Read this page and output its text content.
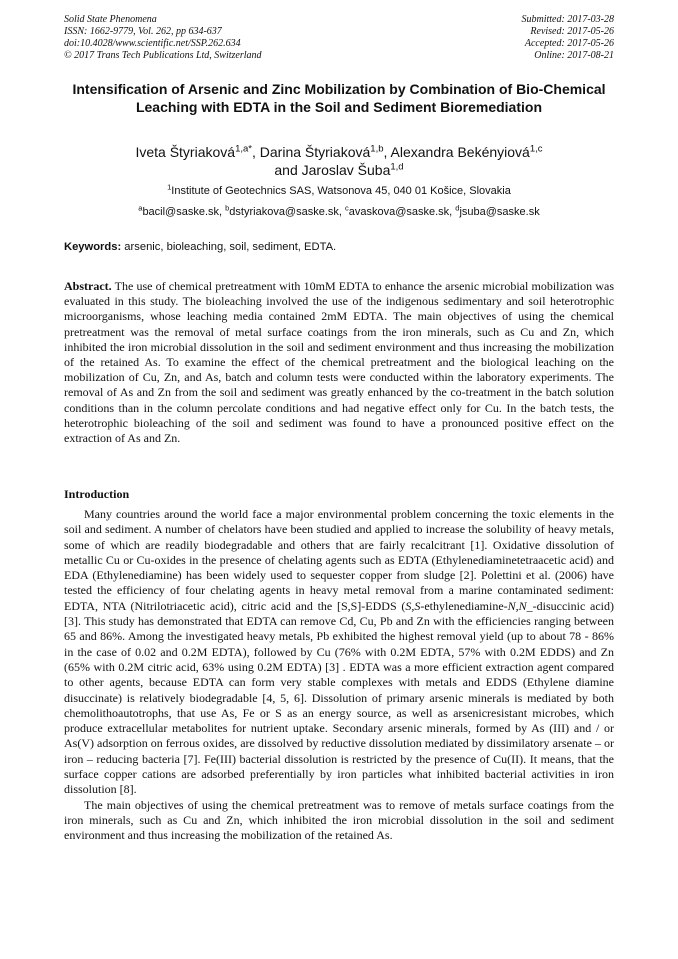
Solid State Phenomena
ISSN: 1662-9779, Vol. 262, pp 634-637
doi:10.4028/www.scientific.net/SSP.262.634
© 2017 Trans Tech Publications Ltd, Switzerland
Submitted: 2017-03-28
Revised: 2017-05-26
Accepted: 2017-05-26
Online: 2017-08-21
Intensification of Arsenic and Zinc Mobilization by Combination of Bio-Chemical Leaching with EDTA in the Soil and Sediment Bioremediation
Iveta Štyriaková$^{1,a*}$, Darina Štyriaková$^{1,b}$, Alexandra Bekényiová$^{1,c}$
and Jaroslav Šuba$^{1,d}$
$^1$Institute of Geotechnics SAS, Watsonova 45, 040 01 Košice, Slovakia
$^a$bacil@saske.sk, $^b$dstyriakova@saske.sk, $^c$avaskova@saske.sk, $^d$jsuba@saske.sk
Keywords: arsenic, bioleaching, soil, sediment, EDTA.

Abstract. The use of chemical pretreatment with 10mM EDTA to enhance the arsenic microbial mobilization was evaluated in this study. The bioleaching involved the use of the indigenous sedimentary and soil heterotrophic microorganisms, whose leaching media contained 2mM EDTA. The main objectives of using the chemical pretreatment was the removal of metal surface coatings from the iron minerals, such as Cu and Zn, which inhibited the iron microbial dissolution in the soil and sediment environment and thus increasing the mobilization of the retained As. To examine the effect of the chemical pretreatment and the biological leaching on the mobilization of Cu, Zn, and As, batch and column tests were conducted within the laboratory experiments. The removal of As and Zn from the soil and sediment was greatly enhanced by the co-treatment in the batch solution conditions than in the column percolate conditions and had negative effect only for Cu. In the batch tests, the heterotrophic bioleaching of the soil and sediment was found to have a pronounced positive effect on the extraction of As and Zn.

Introduction

Many countries around the world face a major environmental problem concerning the toxic elements in the soil and sediment. A number of chelators have been studied and applied to increase the solubility of heavy metals, some of which are readily biodegradable and others that are fairly recalcitrant [1]. Oxidative dissolution of metallic Cu or Cu-oxides in the presence of chelating agents such as EDTA (Ethylenediaminetetraacetic acid) and EDA (Ethylenediamine) has been widely used to sequester copper from sludge [2]. Polettini et al. (2006) have tested the efficiency of four chelating agents in heavy metal removal from a marine contaminated sediment: EDTA, NTA (Nitrilotriacetic acid), citric acid and the [S,S]-EDDS (S,S-ethylenediamine-N,N_-disuccinic acid) [3]. This study has demonstrated that EDTA can remove Cd, Cu, Pb and Zn with the efficiencies ranging between 65 and 86%. Among the investigated heavy metals, Pb exhibited the highest removal yield (up to about 78 - 86% in the case of 0.02 and 0.2M EDTA), followed by Cu (76% with 0.2M EDTA, 57% with 0.2M EDDS) and Zn (65% with 0.2M citric acid, 63% using 0.2M EDTA) [3] . EDTA was a more efficient extraction agent compared to other agents, because EDTA can form very stable complexes with metals and EDDS (Ethylene diamine disuccinate) is relatively biodegradable [4, 5, 6]. Dissolution of primary arsenic minerals is mediated by both chemolithoautotrophs, that use As, Fe or S as an energy source, as well as arsenicresistant microbes, which produce extracellular metabolites for nutrient uptake. Secondary arsenic minerals, formed by As (III) and / or As(V) adsorption on ferrous oxides, are dissolved by reductive dissolution mediated by dissimilatory arsenate – or iron – reducing bacteria [7]. Fe(III) bacterial dissolution is restricted by the presence of Cu(II). It means, that the surface copper cations are adsorbed preferentially by iron particles what inhibited bacterial activities in iron dissolution [8].

The main objectives of using the chemical pretreatment was to remove of metals surface coatings from the iron minerals, such as Cu and Zn, which inhibited the iron microbial dissolution in the soil and sediment environment and thus increasing the mobilization of the retained As.
